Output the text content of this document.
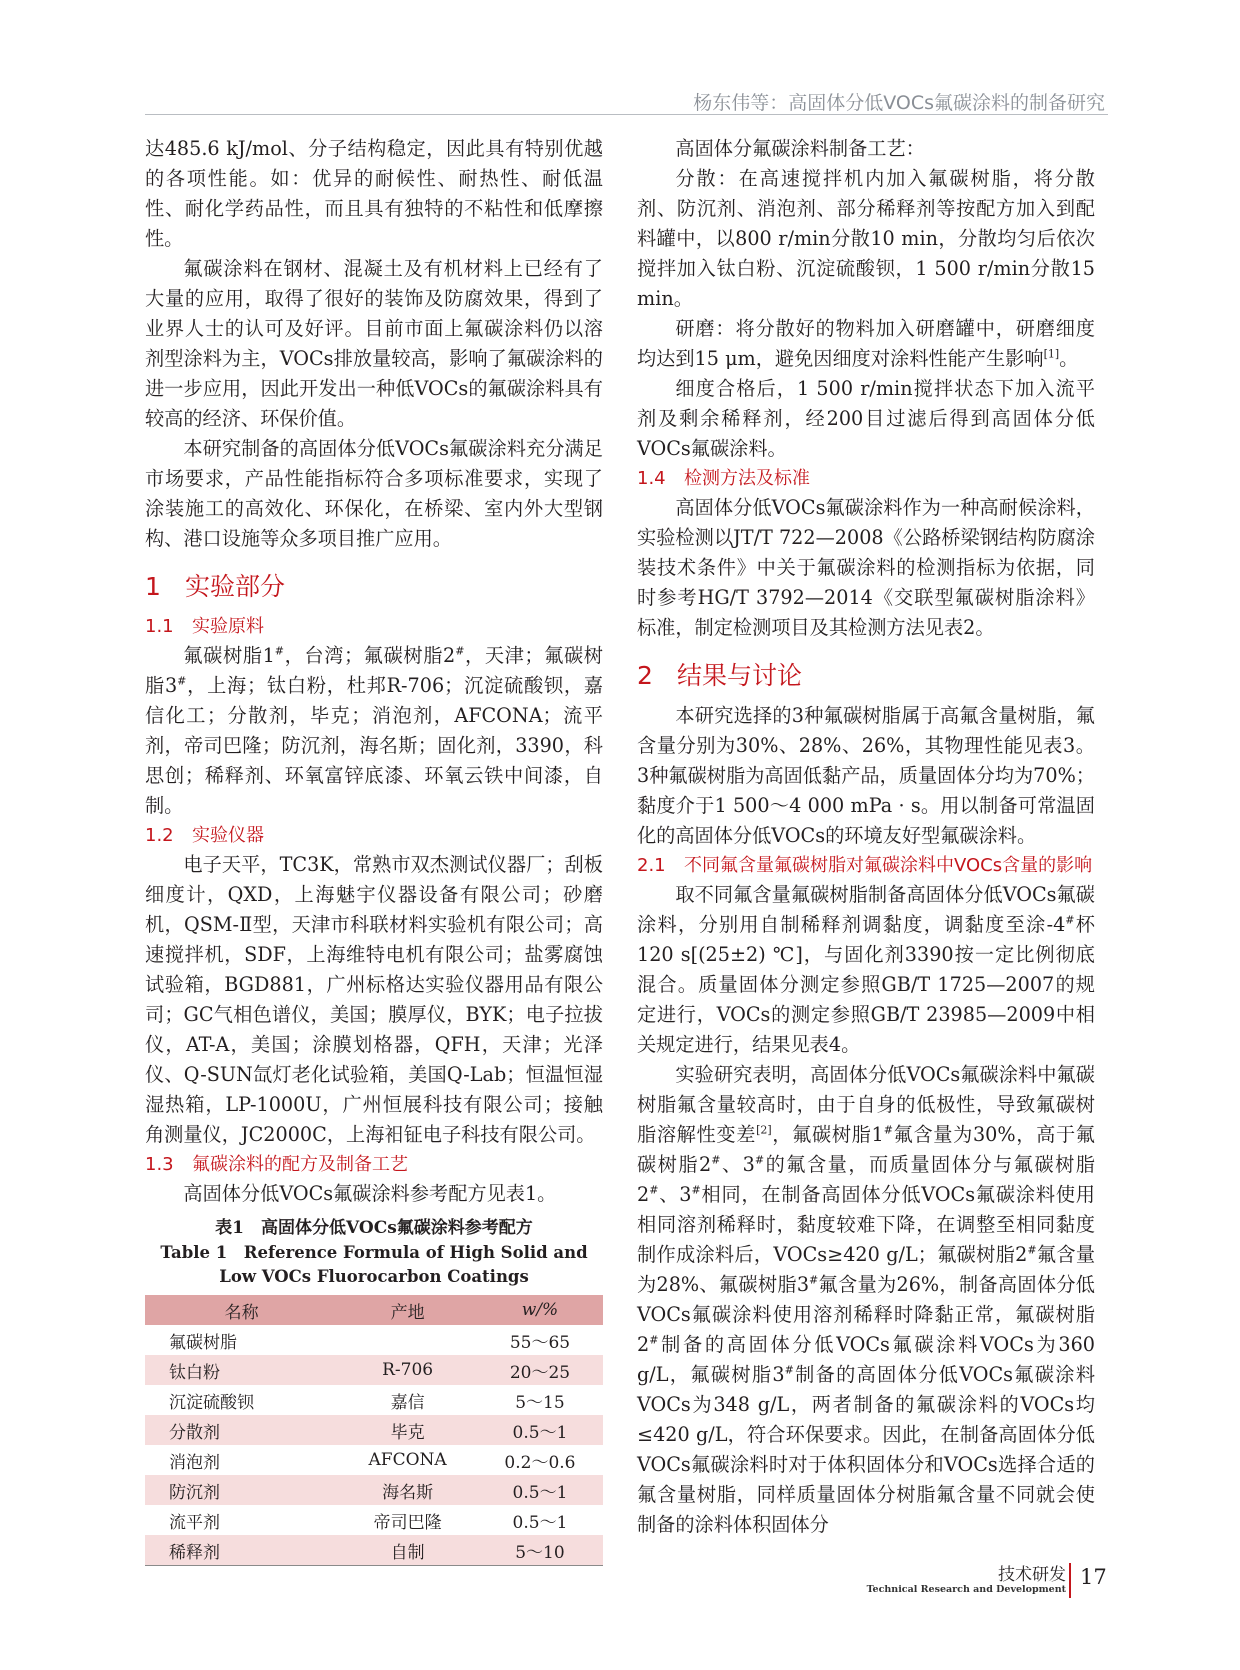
杨东伟等：高固体分低VOCs氟碳涂料的制备研究

达485.6 kJ/mol、分子结构稳定，因此具有特别优越的各项性能。如：优异的耐候性、耐热性、耐低温性、耐化学药品性，而且具有独特的不粘性和低摩擦性。

氟碳涂料在钢材、混凝土及有机材料上已经有了大量的应用，取得了很好的装饰及防腐效果，得到了业界人士的认可及好评。目前市面上氟碳涂料仍以溶剂型涂料为主，VOCs排放量较高，影响了氟碳涂料的进一步应用，因此开发出一种低VOCs的氟碳涂料具有较高的经济、环保价值。

本研究制备的高固体分低VOCs氟碳涂料充分满足市场要求，产品性能指标符合多项标准要求，实现了涂装施工的高效化、环保化，在桥梁、室内外大型钢构、港口设施等众多项目推广应用。

1 实验部分
1.1 实验原料

氟碳树脂1#，台湾；氟碳树脂2#，天津；氟碳树脂3#，上海；钛白粉，杜邦R-706；沉淀硫酸钡，嘉信化工；分散剂，毕克；消泡剂，AFCONA；流平剂，帝司巴隆；防沉剂，海名斯；固化剂，3390，科思创；稀释剂、环氧富锌底漆、环氧云铁中间漆，自制。

1.2 实验仪器

电子天平，TC3K，常熟市双杰测试仪器厂；刮板细度计，QXD，上海魅宇仪器设备有限公司；砂磨机，QSM-Ⅱ型，天津市科联材料实验机有限公司；高速搅拌机，SDF，上海维特电机有限公司；盐雾腐蚀试验箱，BGD881，广州标格达实验仪器用品有限公司；GC气相色谱仪，美国；膜厚仪，BYK；电子拉拔仪，AT-A，美国；涂膜划格器，QFH，天津；光泽仪、Q-SUN氙灯老化试验箱，美国Q-Lab；恒温恒湿湿热箱，LP-1000U，广州恒展科技有限公司；接触角测量仪，JC2000C，上海衵钲电子科技有限公司。

1.3 氟碳涂料的配方及制备工艺

高固体分低VOCs氟碳涂料参考配方见表1。

表1　高固体分低VOCs氟碳涂料参考配方
Table 1　Reference Formula of High Solid and Low VOCs Fluorocarbon Coatings
名称	产地	w/%
氟碳树脂		55～65
钛白粉	R-706	20～25
沉淀硫酸钡	嘉信	5～15
分散剂	毕克	0.5～1
消泡剂	AFCONA	0.2～0.6
防沉剂	海名斯	0.5～1
流平剂	帝司巴隆	0.5～1
稀释剂	自制	5～10

高固体分氟碳涂料制备工艺：

分散：在高速搅拌机内加入氟碳树脂，将分散剂、防沉剂、消泡剂、部分稀释剂等按配方加入到配料罐中，以800 r/min分散10 min，分散均匀后依次搅拌加入钛白粉、沉淀硫酸钡，1 500 r/min分散15 min。

研磨：将分散好的物料加入研磨罐中，研磨细度均达到15 μm，避免因细度对涂料性能产生影响[1]。

细度合格后，1 500 r/min搅拌状态下加入流平剂及剩余稀释剂，经200目过滤后得到高固体分低VOCs氟碳涂料。

1.4 检测方法及标准

高固体分低VOCs氟碳涂料作为一种高耐候涂料，实验检测以JT/T 722—2008《公路桥梁钢结构防腐涂装技术条件》中关于氟碳涂料的检测指标为依据，同时参考HG/T 3792—2014《交联型氟碳树脂涂料》标准，制定检测项目及其检测方法见表2。

2 结果与讨论

本研究选择的3种氟碳树脂属于高氟含量树脂，氟含量分别为30%、28%、26%，其物理性能见表3。3种氟碳树脂为高固低黏产品，质量固体分均为70%；黏度介于1 500～4 000 mPa · s。用以制备可常温固化的高固体分低VOCs的环境友好型氟碳涂料。

2.1	不同氟含量氟碳树脂对氟碳涂料中VOCs含量的影响

取不同氟含量氟碳树脂制备高固体分低VOCs氟碳涂料，分别用自制稀释剂调黏度，调黏度至涂-4#杯120 s[(25±2) ℃]，与固化剂3390按一定比例彻底混合。质量固体分测定参照GB/T 1725—2007的规定进行，VOCs的测定参照GB/T 23985—2009中相关规定进行，结果见表4。

实验研究表明，高固体分低VOCs氟碳涂料中氟碳树脂氟含量较高时，由于自身的低极性，导致氟碳树脂溶解性变差[2]，氟碳树脂1#氟含量为30%，高于氟碳树脂2#、3#的氟含量，而质量固体分与氟碳树脂2#、3#相同，在制备高固体分低VOCs氟碳涂料使用相同溶剂稀释时，黏度较难下降，在调整至相同黏度制作成涂料后，VOCs≥420 g/L；氟碳树脂2#氟含量为28%、氟碳树脂3#氟含量为26%，制备高固体分低VOCs氟碳涂料使用溶剂稀释时降黏正常，氟碳树脂2#制备的高固体分低VOCs氟碳涂料VOCs为360 g/L，氟碳树脂3#制备的高固体分低VOCs氟碳涂料VOCs为348 g/L，两者制备的氟碳涂料的VOCs均≤420 g/L，符合环保要求。因此，在制备高固体分低VOCs氟碳涂料时对于体积固体分和VOCs选择合适的氟含量树脂，同样质量固体分树脂氟含量不同就会使制备的涂料体积固体分

技术研发
Technical Research and Development
17
